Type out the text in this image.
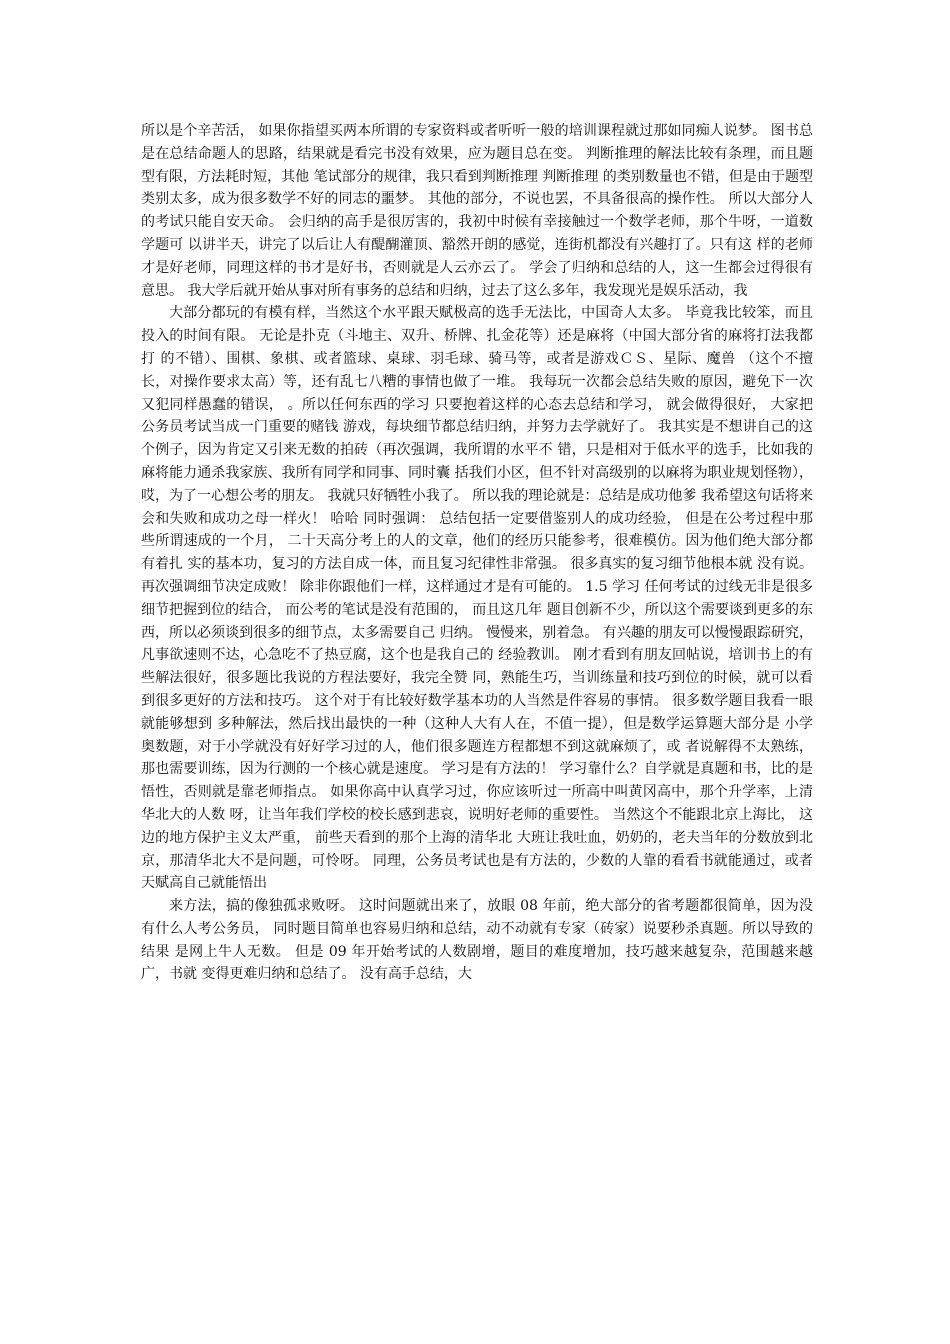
所以是个辛苦活， 如果你指望买两本所谓的专家资料或者听听一般的培训课程就过那如同痴人说梦。 图书总是在总结命题人的思路，结果就是看完书没有效果，应为题目总在变。 判断推理的解法比较有条理，而且题型有限，方法耗时短，其他 笔试部分的规律，我只看到判断推理 判断推理 的类别数量也不错，但是由于题型类别太多，成为很多数学不好的同志的噩梦。 其他的部分，不说也罢，不具备很高的操作性。 所以大部分人的考试只能自安天命。 会归纳的高手是很厉害的，我初中时候有幸接触过一个数学老师，那个牛呀，一道数学题可 以讲半天，讲完了以后让人有醍醐灌顶、豁然开朗的感觉，连街机都没有兴趣打了。只有这 样的老师才是好老师，同理这样的书才是好书，否则就是人云亦云了。 学会了归纳和总结的人，这一生都会过得很有意思。 我大学后就开始从事对所有事务的总结和归纳，过去了这么多年，我发现光是娱乐活动，我

大部分都玩的有模有样，当然这个水平跟天赋极高的选手无法比，中国奇人太多。 毕竟我比较笨，而且投入的时间有限。 无论是扑克（斗地主、双升、桥牌、扎金花等）还是麻将（中国大部分省的麻将打法我都打 的不错）、围棋、象棋、或者篮球、桌球、羽毛球、骑马等，或者是游戏ＣＳ、星际、魔兽 （这个不擅长，对操作要求太高）等，还有乱七八糟的事情也做了一堆。 我每玩一次都会总结失败的原因，避免下一次又犯同样愚蠢的错误， 。所以任何东西的学习 只要抱着这样的心态去总结和学习， 就会做得很好， 大家把公务员考试当成一门重要的赌钱 游戏，每块细节都总结归纳，并努力去学就好了。 我其实是不想讲自己的这个例子，因为肯定又引来无数的拍砖（再次强调，我所谓的水平不 错，只是相对于低水平的选手，比如我的麻将能力通杀我家族、我所有同学和同事、同时囊 括我们小区，但不针对高级别的以麻将为职业规划怪物），哎，为了一心想公考的朋友。 我就只好牺牲小我了。 所以我的理论就是：总结是成功他爹 我希望这句话将来会和失败和成功之母一样火！ 哈哈 同时强调： 总结包括一定要借鉴别人的成功经验， 但是在公考过程中那些所谓速成的一个月， 二十天高分考上的人的文章，他们的经历只能参考，很难模仿。因为他们绝大部分都有着扎 实的基本功，复习的方法自成一体，而且复习纪律性非常强。 很多真实的复习细节他根本就 没有说。 再次强调细节决定成败！ 除非你跟他们一样，这样通过才是有可能的。 1.5 学习 任何考试的过线无非是很多细节把握到位的结合， 而公考的笔试是没有范围的， 而且这几年 题目创新不少，所以这个需要谈到更多的东西，所以必须谈到很多的细节点，太多需要自己 归纳。 慢慢来，别着急。 有兴趣的朋友可以慢慢跟踪研究，凡事欲速则不达，心急吃不了热豆腐，这个也是我自己的 经验教训。 刚才看到有朋友回帖说，培训书上的有些解法很好，很多题比我说的方程法要好，我完全赞 同，熟能生巧，当训练量和技巧到位的时候，就可以看到很多更好的方法和技巧。 这个对于有比较好数学基本功的人当然是件容易的事情。 很多数学题目我看一眼就能够想到 多种解法，然后找出最快的一种（这种人大有人在，不值一提），但是数学运算题大部分是 小学奥数题，对于小学就没有好好学习过的人，他们很多题连方程都想不到这就麻烦了，或 者说解得不太熟练，那也需要训练，因为行测的一个核心就是速度。 学习是有方法的！ 学习靠什么？自学就是真题和书，比的是悟性，否则就是靠老师指点。 如果你高中认真学习过，你应该听过一所高中叫黄冈高中，那个升学率，上清华北大的人数 呀，让当年我们学校的校长感到悲哀，说明好老师的重要性。 当然这个不能跟北京上海比， 这边的地方保护主义太严重， 前些天看到的那个上海的清华北 大班让我吐血，奶奶的，老夫当年的分数放到北京，那清华北大不是问题，可怜呀。 同理，公务员考试也是有方法的，少数的人靠的看看书就能通过，或者天赋高自己就能悟出

来方法，搞的像独孤求败呀。 这时问题就出来了，放眼 08 年前，绝大部分的省考题都很简单，因为没有什么人考公务员， 同时题目简单也容易归纳和总结，动不动就有专家（砖家）说要秒杀真题。所以导致的结果 是网上牛人无数。 但是 09 年开始考试的人数剧增，题目的难度增加，技巧越来越复杂，范围越来越广，书就 变得更难归纳和总结了。 没有高手总结，大
